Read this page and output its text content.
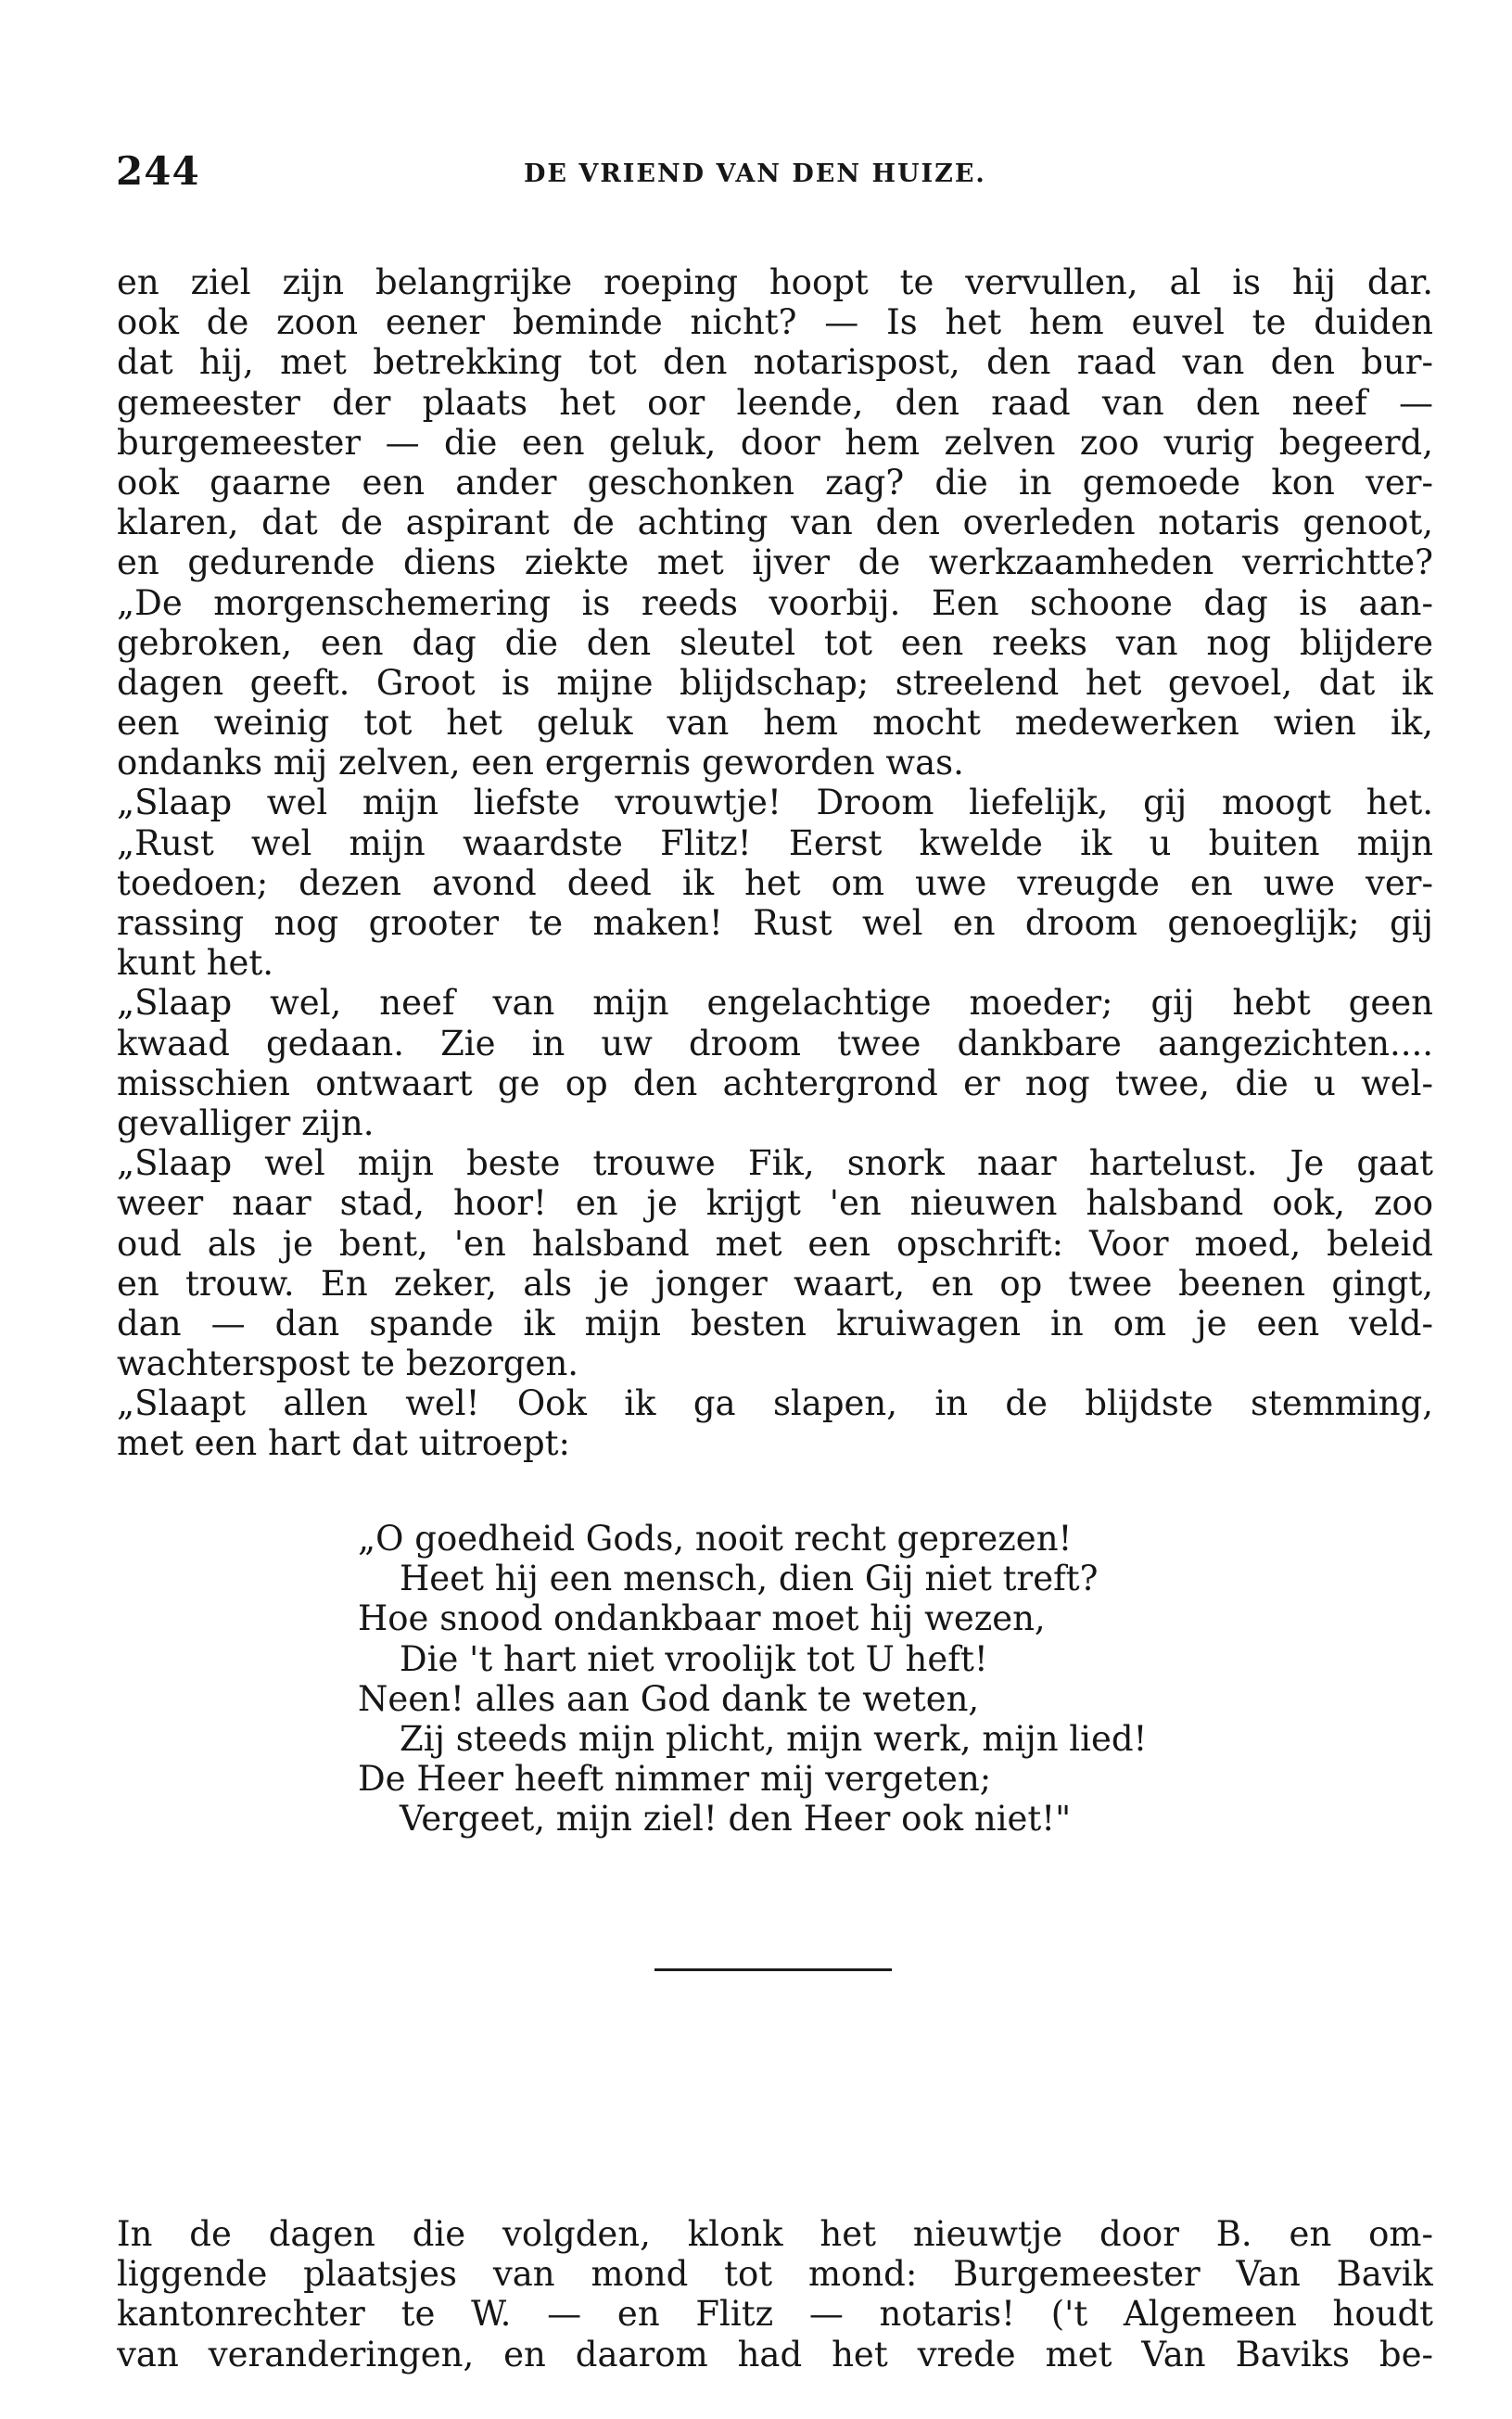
244	DE VRIEND VAN DEN HUIZE.
en ziel zijn belangrijke roeping hoopt te vervullen, al is hij dar.
ook de zoon eener beminde nicht? — Is het hem euvel te duiden
dat hij, met betrekking tot den notarispost, den raad van den bur-
gemeester der plaats het oor leende, den raad van den neef —
burgemeester — die een geluk, door hem zelven zoo vurig begeerd,
ook gaarne een ander geschonken zag? die in gemoede kon ver-
klaren, dat de aspirant de achting van den overleden notaris genoot,
en gedurende diens ziekte met ijver de werkzaamheden verrichtte?
„De morgenschemering is reeds voorbij. Een schoone dag is aan-
gebroken, een dag die den sleutel tot een reeks van nog blijdere
dagen geeft. Groot is mijne blijdschap; streelend het gevoel, dat ik
een weinig tot het geluk van hem mocht medewerken wien ik,
ondanks mij zelven, een ergernis geworden was.
„Slaap wel mijn liefste vrouwtje! Droom liefelijk, gij moogt het.
„Rust wel mijn waardste Flitz! Eerst kwelde ik u buiten mijn
toedoen; dezen avond deed ik het om uwe vreugde en uwe ver-
rassing nog grooter te maken! Rust wel en droom genoeglijk; gij
kunt het.
„Slaap wel, neef van mijn engelachtige moeder; gij hebt geen
kwaad gedaan. Zie in uw droom twee dankbare aangezichten....
misschien ontwaart ge op den achtergrond er nog twee, die u wel-
gevalliger zijn.
„Slaap wel mijn beste trouwe Fik, snork naar hartelust. Je gaat
weer naar stad, hoor! en je krijgt 'en nieuwen halsband ook, zoo
oud als je bent, 'en halsband met een opschrift: Voor moed, beleid
en trouw. En zeker, als je jonger waart, en op twee beenen gingt,
dan — dan spande ik mijn besten kruiwagen in om je een veld-
wachterspost te bezorgen.
„Slaapt allen wel! Ook ik ga slapen, in de blijdste stemming,
met een hart dat uitroept:
„O goedheid Gods, nooit recht geprezen!
Heet hij een mensch, dien Gij niet treft?
Hoe snood ondankbaar moet hij wezen,
Die 't hart niet vroolijk tot U heft!
Neen! alles aan God dank te weten,
Zij steeds mijn plicht, mijn werk, mijn lied!
De Heer heeft nimmer mij vergeten;
Vergeet, mijn ziel! den Heer ook niet!"
In de dagen die volgden, klonk het nieuwtje door B. en om-
liggende plaatsjes van mond tot mond: Burgemeester Van Bavik
kantonrechter te W. — en Flitz — notaris! ('t Algemeen houdt
van veranderingen, en daarom had het vrede met Van Baviks be-
